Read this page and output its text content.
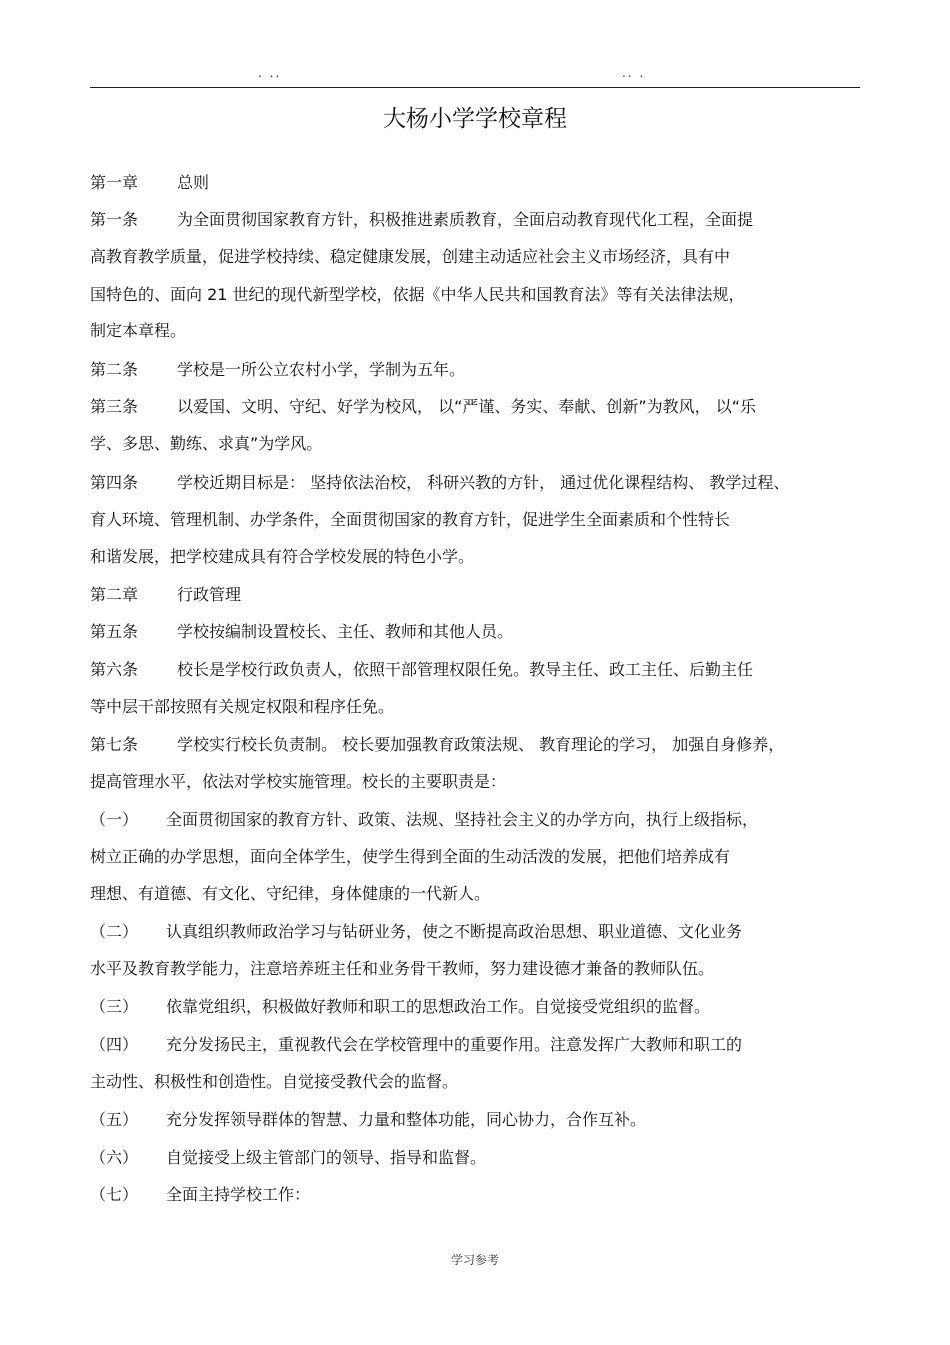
. ..	.. .
大杨小学学校章程
第一章 总则
第一条 为全面贯彻国家教育方针，积极推进素质教育，全面启动教育现代化工程，全面提
高教育教学质量，促进学校持续、稳定健康发展，创建主动适应社会主义市场经济，具有中
国特色的、面向 21 世纪的现代新型学校，依据《中华人民共和国教育法》等有关法律法规，
制定本章程。
第二条 学校是一所公立农村小学，学制为五年。
第三条 以爱国、文明、守纪、好学为校风， 以“严谨、务实、奉献、创新”为教风， 以“乐
学、多思、勤练、求真”为学风。
第四条 学校近期目标是： 坚持依法治校， 科研兴教的方针， 通过优化课程结构、 教学过程、
育人环境、管理机制、办学条件，全面贯彻国家的教育方针，促进学生全面素质和个性特长
和谐发展，把学校建成具有符合学校发展的特色小学。
第二章 行政管理
第五条 学校按编制设置校长、主任、教师和其他人员。
第六条 校长是学校行政负责人，依照干部管理权限任免。教导主任、政工主任、后勤主任
等中层干部按照有关规定权限和程序任免。
第七条 学校实行校长负责制。 校长要加强教育政策法规、 教育理论的学习， 加强自身修养，
提高管理水平，依法对学校实施管理。校长的主要职责是：
（一） 全面贯彻国家的教育方针、政策、法规、坚持社会主义的办学方向，执行上级指标，
树立正确的办学思想，面向全体学生，使学生得到全面的生动活泼的发展，把他们培养成有
理想、有道德、有文化、守纪律，身体健康的一代新人。
（二） 认真组织教师政治学习与钻研业务，使之不断提高政治思想、职业道德、文化业务
水平及教育教学能力，注意培养班主任和业务骨干教师，努力建设德才兼备的教师队伍。
（三） 依靠党组织，积极做好教师和职工的思想政治工作。自觉接受党组织的监督。
（四） 充分发扬民主，重视教代会在学校管理中的重要作用。注意发挥广大教师和职工的
主动性、积极性和创造性。自觉接受教代会的监督。
（五） 充分发挥领导群体的智慧、力量和整体功能，同心协力，合作互补。
（六） 自觉接受上级主管部门的领导、指导和监督。
（七） 全面主持学校工作：
学习参考
